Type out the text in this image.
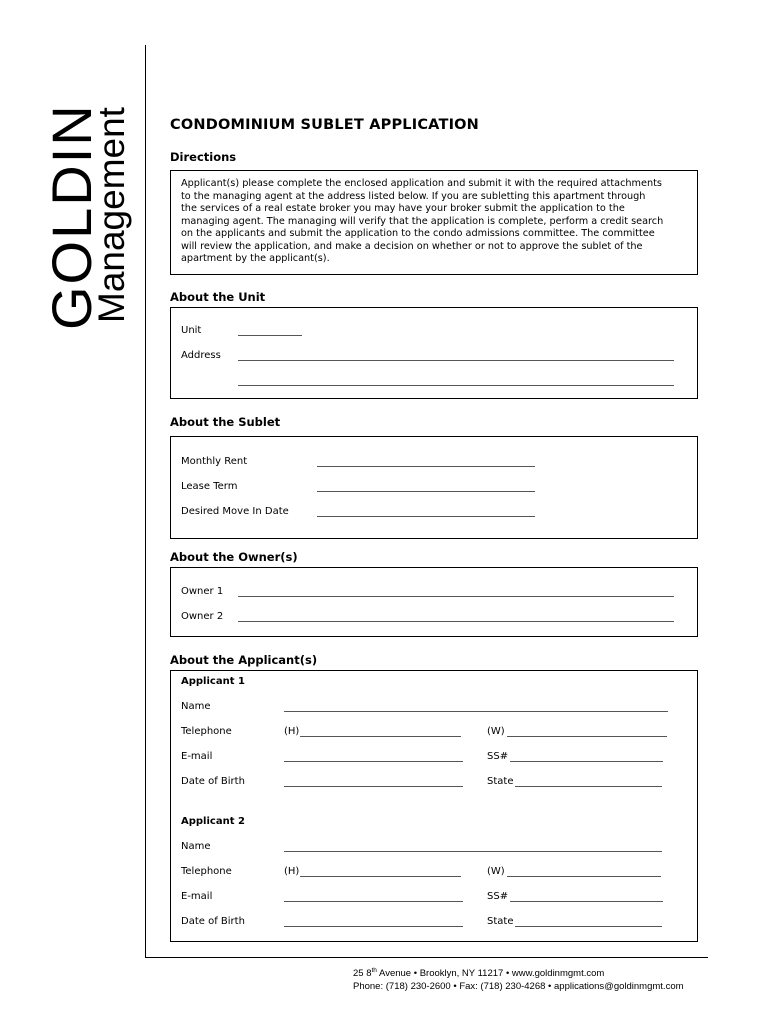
GOLDIN
Management	CONDOMINIUM SUBLET APPLICATION
Directions
Applicant(s) please complete the enclosed application and submit it with the required attachments
to the managing agent at the address listed below. If you are subletting this apartment through
the services of a real estate broker you may have your broker submit the application to the
managing agent. The managing will verify that the application is complete, perform a credit search
on the applicants and submit the application to the condo admissions committee. The committee
will review the application, and make a decision on whether or not to approve the sublet of the
apartment by the applicant(s).
About the Unit
Unit
Address
About the Sublet
Monthly Rent
Lease Term
Desired Move In Date
About the Owner(s)
Owner 1
Owner 2
About the Applicant(s)
Applicant 1
Name
Telephone	(H)	(W)
E-mail	SS#
Date of Birth	State
Applicant 2
Name
Telephone	(H)	(W)
E-mail	SS#
Date of Birth	State
25 8th Avenue • Brooklyn, NY 11217 • www.goldinmgmt.com
Phone: (718) 230-2600 • Fax: (718) 230-4268 • applications@goldinmgmt.com
